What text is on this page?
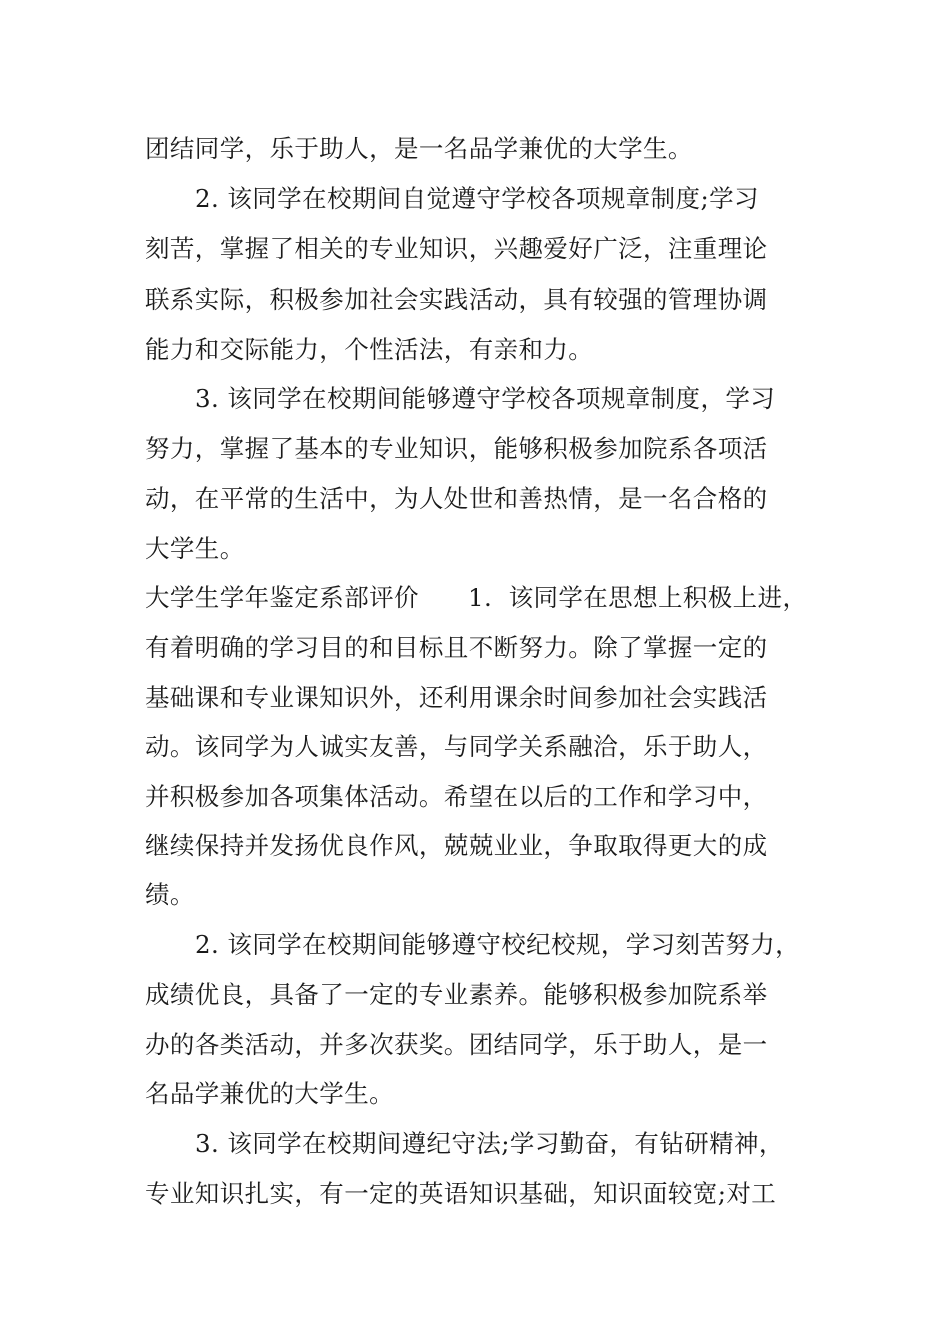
团结同学，乐于助人，是一名品学兼优的大学生。
2. 该同学在校期间自觉遵守学校各项规章制度;学习
刻苦，掌握了相关的专业知识，兴趣爱好广泛，注重理论
联系实际，积极参加社会实践活动，具有较强的管理协调
能力和交际能力，个性活法，有亲和力。
3. 该同学在校期间能够遵守学校各项规章制度，学习
努力，掌握了基本的专业知识，能够积极参加院系各项活
动，在平常的生活中，为人处世和善热情，是一名合格的
大学生。
大学生学年鉴定系部评价      1.  该同学在思想上积极上进，
有着明确的学习目的和目标且不断努力。除了掌握一定的
基础课和专业课知识外，还利用课余时间参加社会实践活
动。该同学为人诚实友善，与同学关系融洽，乐于助人，
并积极参加各项集体活动。希望在以后的工作和学习中，
继续保持并发扬优良作风，兢兢业业，争取取得更大的成
绩。
2. 该同学在校期间能够遵守校纪校规，学习刻苦努力，
成绩优良，具备了一定的专业素养。能够积极参加院系举
办的各类活动，并多次获奖。团结同学，乐于助人，是一
名品学兼优的大学生。
3. 该同学在校期间遵纪守法;学习勤奋，有钻研精神，
专业知识扎实，有一定的英语知识基础，知识面较宽;对工
